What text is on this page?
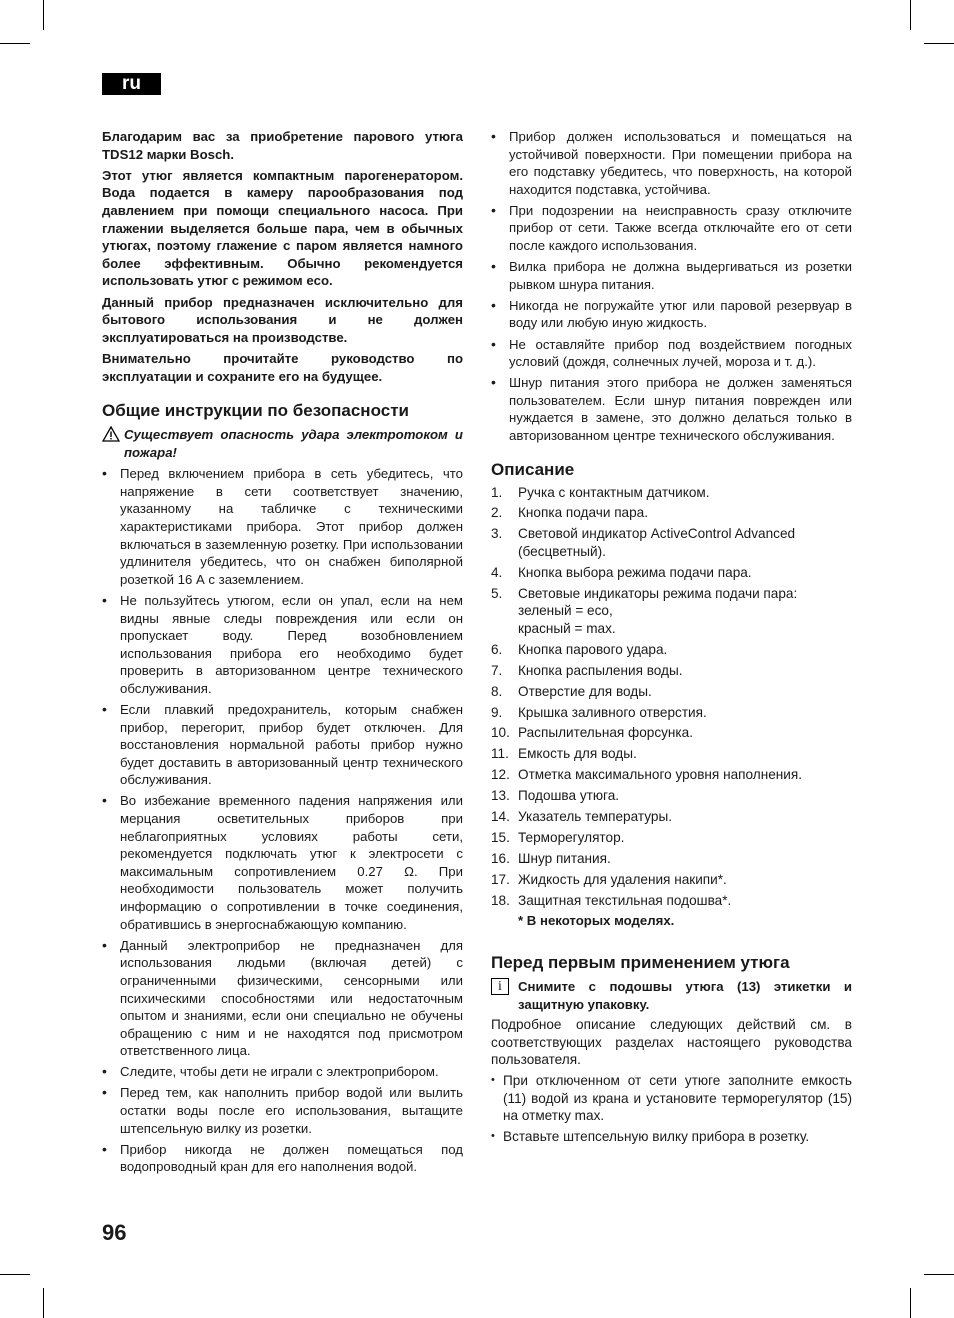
ru

Благодарим вас за приобретение парового утюга TDS12 марки Bosch.

Этот утюг является компактным парогенератором. Вода подается в камеру парообразования под давлением при помощи специального насоса. При глажении выделяется больше пара, чем в обычных утюгах, поэтому глажение с паром является намного более эффективным. Обычно рекомендуется использовать утюг с режимом eco.

Данный прибор предназначен исключительно для бытового использования и не должен эксплуатироваться на производстве.

Внимательно прочитайте руководство по эксплуатации и сохраните его на будущее.

Общие инструкции по безопасности
Существует опасность удара электротоком и пожара!
• Перед включением прибора в сеть убедитесь, что напряжение в сети соответствует значению, указанному на табличке с техническими характеристиками прибора. Этот прибор должен включаться в заземленную розетку. При использовании удлинителя убедитесь, что он снабжен биполярной розеткой 16 А с заземлением.
• Не пользуйтесь утюгом, если он упал, если на нем видны явные следы повреждения или если он пропускает воду. Перед возобновлением использования прибора его необходимо будет проверить в авторизованном центре технического обслуживания.
• Если плавкий предохранитель, которым снабжен прибор, перегорит, прибор будет отключен. Для восстановления нормальной работы прибор нужно будет доставить в авторизованный центр технического обслуживания.
• Во избежание временного падения напряжения или мерцания осветительных приборов при неблагоприятных условиях работы сети, рекомендуется подключать утюг к электросети с максимальным сопротивлением 0.27 Ω. При необходимости пользователь может получить информацию о сопротивлении в точке соединения, обратившись в энергоснабжающую компанию.
• Данный электроприбор не предназначен для использования людьми (включая детей) с ограниченными физическими, сенсорными или психическими способностями или недостаточным опытом и знаниями, если они специально не обучены обращению с ним и не находятся под присмотром ответственного лица.
• Следите, чтобы дети не играли с электроприбором.
• Перед тем, как наполнить прибор водой или вылить остатки воды после его использования, вытащите штепсельную вилку из розетки.
• Прибор никогда не должен помещаться под водопроводный кран для его наполнения водой.
• Прибор должен использоваться и помещаться на устойчивой поверхности. При помещении прибора на его подставку убедитесь, что поверхность, на которой находится подставка, устойчива.
• При подозрении на неисправность сразу отключите прибор от сети. Также всегда отключайте его от сети после каждого использования.
• Вилка прибора не должна выдергиваться из розетки рывком шнура питания.
• Никогда не погружайте утюг или паровой резервуар в воду или любую иную жидкость.
• Не оставляйте прибор под воздействием погодных условий (дождя, солнечных лучей, мороза и т. д.).
• Шнур питания этого прибора не должен заменяться пользователем. Если шнур питания поврежден или нуждается в замене, это должно делаться только в авторизованном центре технического обслуживания.
Описание
1.	Ручка с контактным датчиком.
2.	Кнопка подачи пара.
3.	Световой индикатор ActiveControl Advanced (бесцветный).
4.	Кнопка выбора режима подачи пара.
5.	Световые индикаторы режима подачи пара:
зеленый = eco,
красный = max.
6.	Кнопка парового удара.
7.	Кнопка распыления воды.
8.	Отверстие для воды.
9.	Крышка заливного отверстия.
10. Распылительная форсунка.
11. Емкость для воды.
12. Отметка максимального уровня наполнения.
13. Подошва утюга.
14. Указатель температуры.
15. Терморегулятор.
16. Шнур питания.
17. Жидкость для удаления накипи*.
18. Защитная текстильная подошва*.

* В некоторых моделях.

Перед первым применением утюга
i	Снимите с подошвы утюга (13) этикетки и защитную упаковку.

Подробное описание следующих действий см. в соответствующих разделах настоящего руководства пользователя.

• При отключенном от сети утюге заполните емкость (11) водой из крана и установите терморегулятор (15) на отметку max.
• Вставьте штепсельную вилку прибора в розетку.
96
